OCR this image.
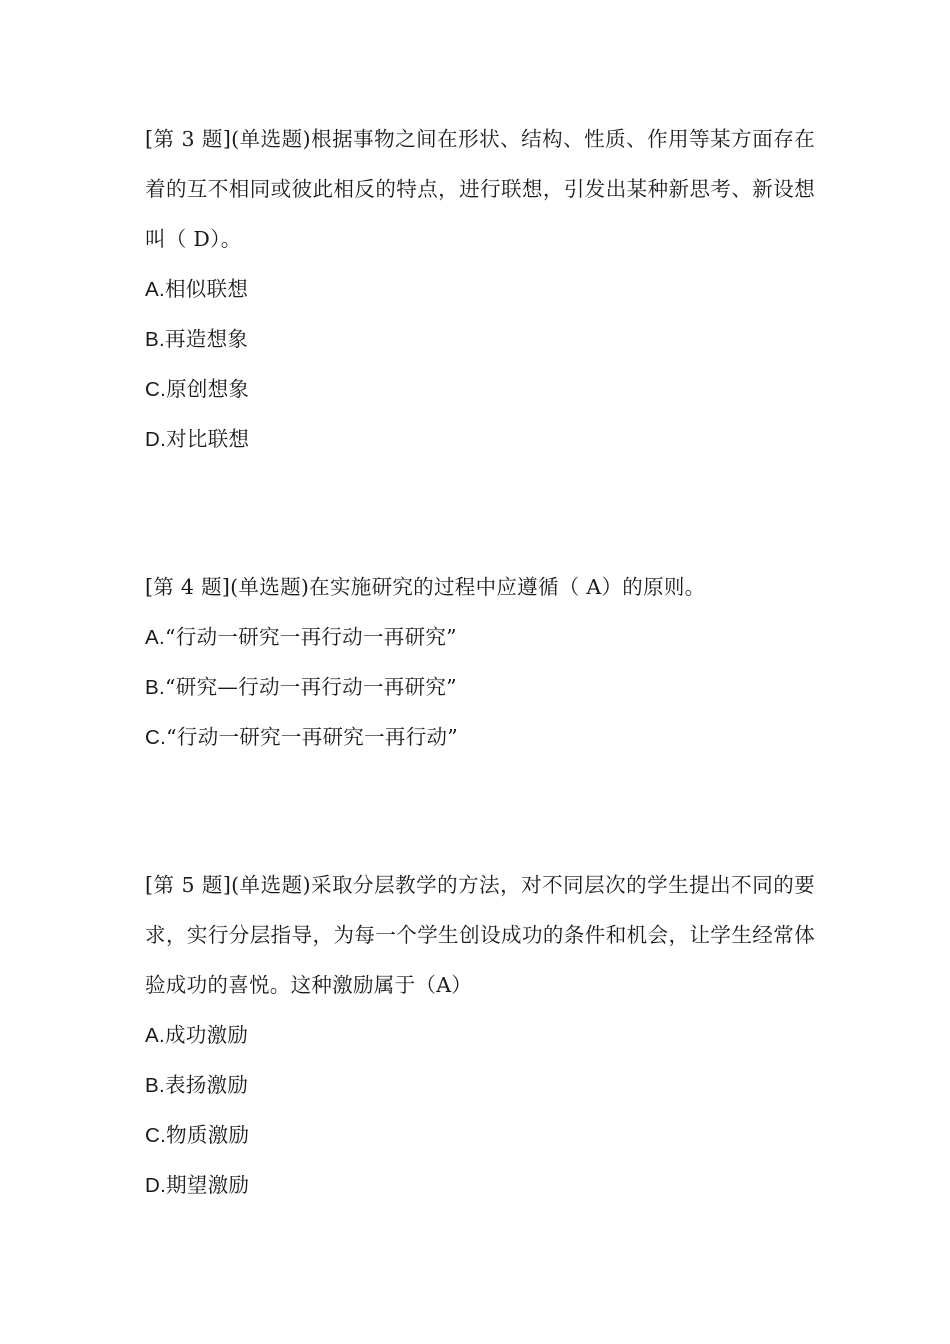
[第 3 题](单选题)根据事物之间在形状、结构、性质、作用等某方面存在着的互不相同或彼此相反的特点，进行联想，引发出某种新思考、新设想叫（ D）。

A.相似联想
B.再造想象
C.原创想象
D.对比联想

[第 4 题](单选题)在实施研究的过程中应遵循（ A）的原则。

A.“行动一研究一再行动一再研究”
B.“研究—行动一再行动一再研究”
C.“行动一研究一再研究一再行动”

[第 5 题](单选题)采取分层教学的方法，对不同层次的学生提出不同的要求，实行分层指导，为每一个学生创设成功的条件和机会，让学生经常体验成功的喜悦。这种激励属于（A）

A.成功激励
B.表扬激励
C.物质激励
D.期望激励
